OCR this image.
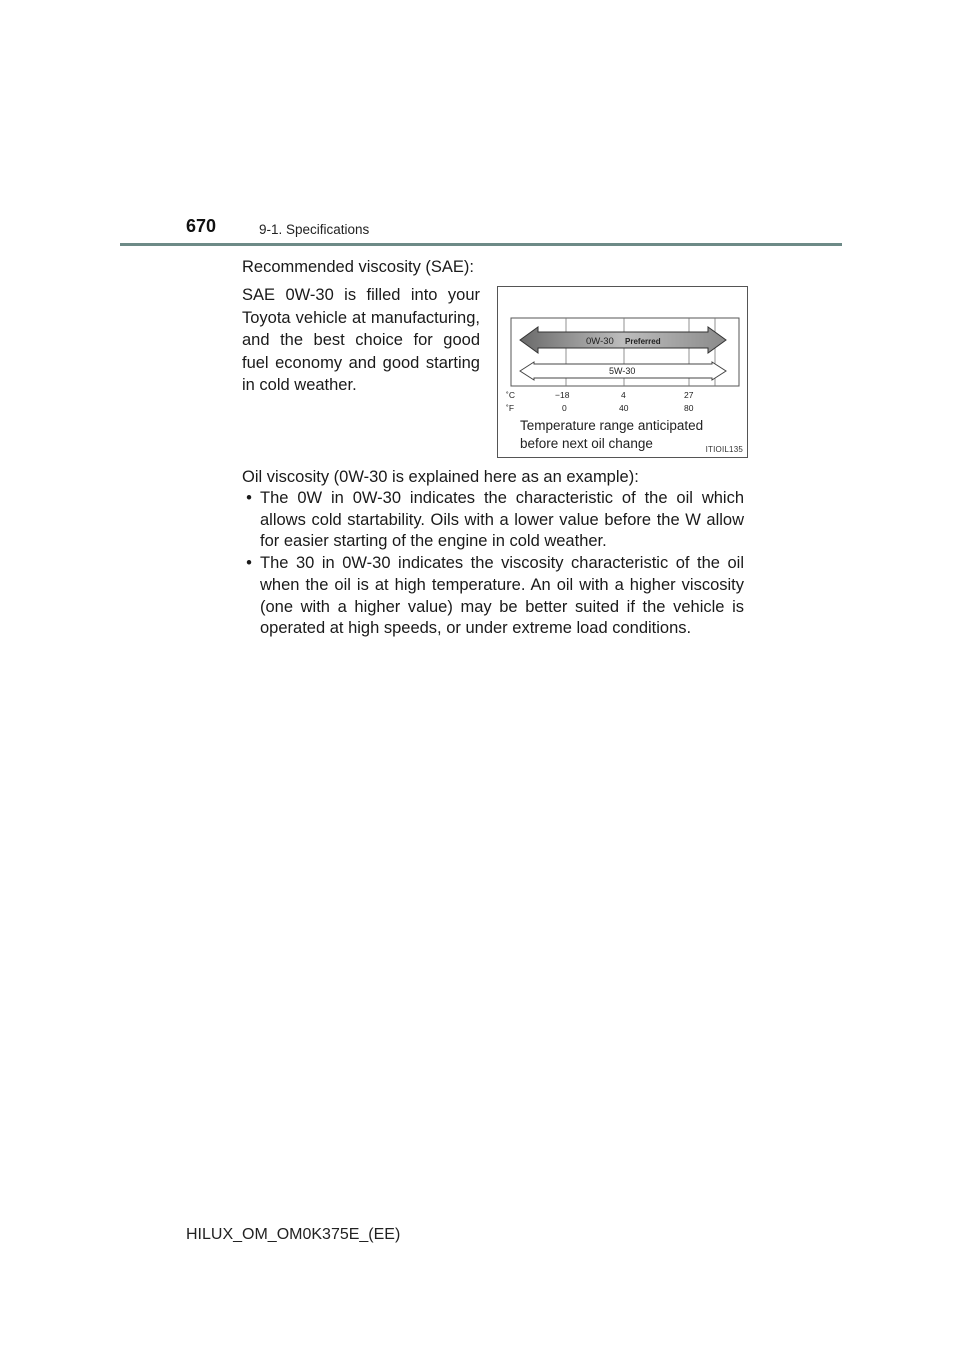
670	9-1. Specifications

Recommended viscosity (SAE):

SAE 0W-30 is filled into your Toyota vehicle at manufacturing, and the best choice for good fuel economy and good starting in cold weather.

0W-30 Preferred
5W-30
˚C
˚F
−18	4	27
0	40	80
Temperature range anticipated
before next oil change	ITIOIL135

Oil viscosity (0W-30 is explained here as an example):

• The 0W in 0W-30 indicates the characteristic of the oil which allows cold startability. Oils with a lower value before the W allow for easier starting of the engine in cold weather.
• The 30 in 0W-30 indicates the viscosity characteristic of the oil when the oil is at high temperature. An oil with a higher viscosity (one with a higher value) may be better suited if the vehicle is operated at high speeds, or under extreme load conditions.
HILUX_OM_OM0K375E_(EE)
